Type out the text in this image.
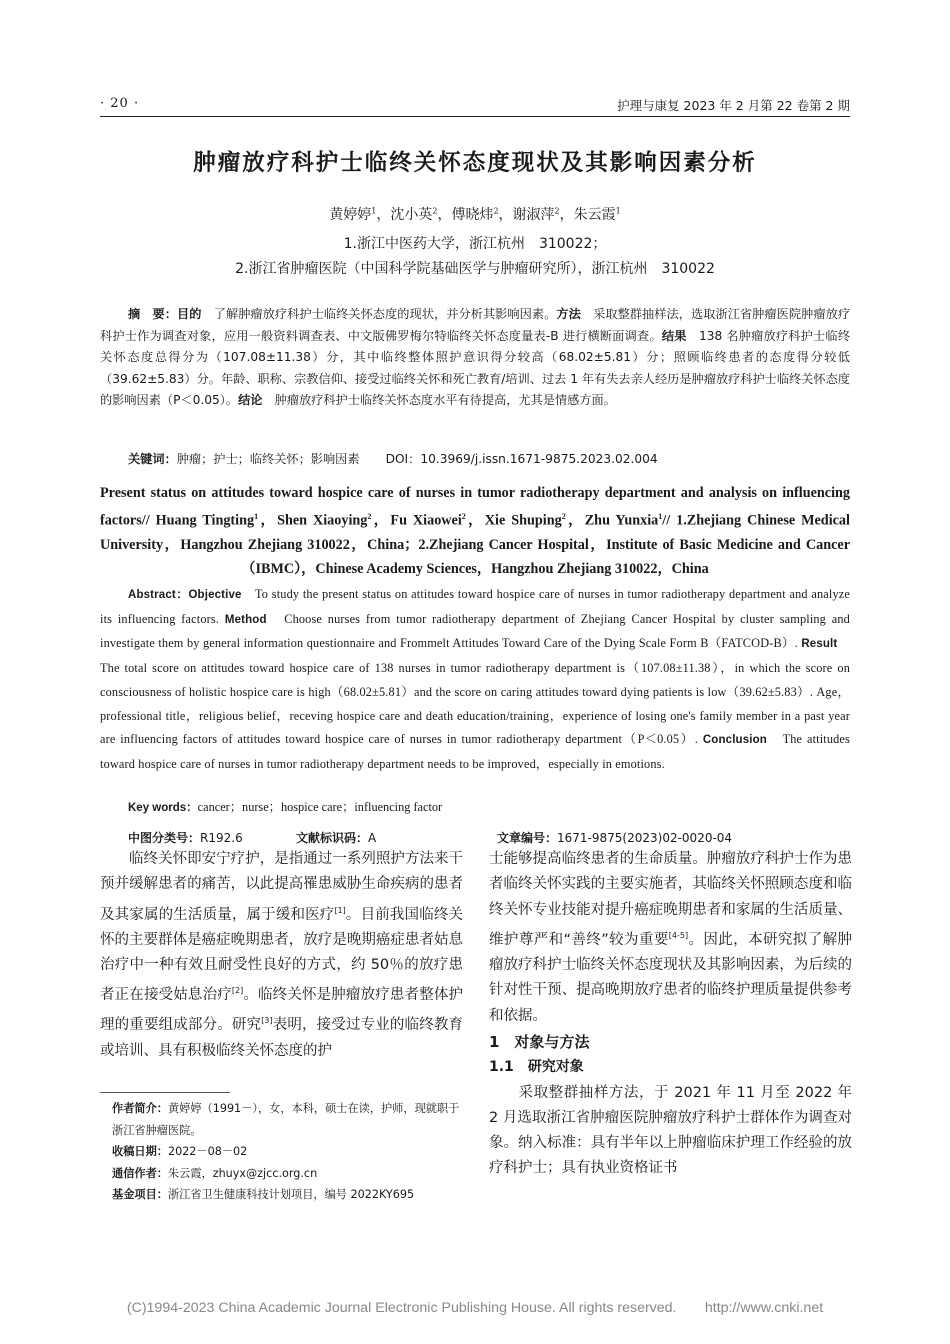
· 20 ·	护理与康复 2023 年 2 月第 22 卷第 2 期
肿瘤放疗科护士临终关怀态度现状及其影响因素分析
黄婷婷$^1$，沈小英$^2$，傅晓炜$^2$，谢淑萍$^2$，朱云霞$^1$
1.浙江中医药大学，浙江杭州　310022；
2.浙江省肿瘤医院（中国科学院基础医学与肿瘤研究所），浙江杭州　310022
摘　要：目的　了解肿瘤放疗科护士临终关怀态度的现状，并分析其影响因素。方法　采取整群抽样法，选取浙江省肿瘤医院肿瘤放疗科护士作为调查对象，应用一般资料调查表、中文版佛罗梅尔特临终关怀态度量表-B 进行横断面调查。结果　138 名肿瘤放疗科护士临终关怀态度总得分为（107.08±11.38）分，其中临终整体照护意识得分较高（68.02±5.81）分；照顾临终患者的态度得分较低（39.62±5.83）分。年龄、职称、宗教信仰、接受过临终关怀和死亡教育/培训、过去 1 年有失去亲人经历是肿瘤放疗科护士临终关怀态度的影响因素（P＜0.05）。结论　肿瘤放疗科护士临终关怀态度水平有待提高，尤其是情感方面。
关键词：肿瘤；护士；临终关怀；影响因素 DOI：10.3969/j.issn.1671-9875.2023.02.004
Present status on attitudes toward hospice care of nurses in tumor radiotherapy department and analysis on influencing factors// Huang Tingting$^1$，Shen Xiaoying$^2$，Fu Xiaowei$^2$，Xie Shuping$^2$，Zhu Yunxia$^1$// 1.Zhejiang Chinese Medical University，Hangzhou Zhejiang 310022，China；2.Zhejiang Cancer Hospital，Institute of Basic Medicine and Cancer（IBMC），Chinese Academy Sciences，Hangzhou Zhejiang 310022，China
Abstract：Objective　To study the present status on attitudes toward hospice care of nurses in tumor radiotherapy department and analyze its influencing factors. Method　Choose nurses from tumor radiotherapy department of Zhejiang Cancer Hospital by cluster sampling and investigate them by general information questionnaire and Frommelt Attitudes Toward Care of the Dying Scale Form B（FATCOD-B）. Result　The total score on attitudes toward hospice care of 138 nurses in tumor radiotherapy department is（107.08±11.38），in which the score on consciousness of holistic hospice care is high（68.02±5.81）and the score on caring attitudes toward dying patients is low（39.62±5.83）. Age，professional title，religious belief，receving hospice care and death education/training，experience of losing one's family member in a past year are influencing factors of attitudes toward hospice care of nurses in tumor radiotherapy department（P＜0.05）. Conclusion　The attitudes toward hospice care of nurses in tumor radiotherapy department needs to be improved，especially in emotions.
Key words：cancer；nurse；hospice care；influencing factor
中图分类号：R192.6	文献标识码：A	文章编号：1671-9875(2023)02-0020-04
临终关怀即安宁疗护，是指通过一系列照护方法来干预并缓解患者的痛苦，以此提高罹患威胁生命疾病的患者及其家属的生活质量，属于缓和医疗[1]。目前我国临终关怀的主要群体是癌症晚期患者，放疗是晚期癌症患者姑息治疗中一种有效且耐受性良好的方式，约 50％的放疗患者正在接受姑息治疗[2]。临终关怀是肿瘤放疗患者整体护理的重要组成部分。研究[3]表明，接受过专业的临终教育或培训、具有积极临终关怀态度的护
作者简介：黄婷婷（1991－），女，本科，硕士在读，护师，现就职于浙江省肿瘤医院。
收稿日期：2022－08－02
通信作者：朱云霞，zhuyx@zjcc.org.cn
基金项目：浙江省卫生健康科技计划项目，编号 2022KY695
士能够提高临终患者的生命质量。肿瘤放疗科护士作为患者临终关怀实践的主要实施者，其临终关怀照顾态度和临终关怀专业技能对提升癌症晚期患者和家属的生活质量、维护尊严和“善终”较为重要[4-5]。因此，本研究拟了解肿瘤放疗科护士临终关怀态度现状及其影响因素，为后续的针对性干预、提高晚期放疗患者的临终护理质量提供参考和依据。
1　对象与方法
1.1　研究对象
采取整群抽样方法，于 2021 年 11 月至 2022 年 2 月选取浙江省肿瘤医院肿瘤放疗科护士群体作为调查对象。纳入标准：具有半年以上肿瘤临床护理工作经验的放疗科护士；具有执业资格证书
(C)1994-2023 China Academic Journal Electronic Publishing House. All rights reserved.　　http://www.cnki.net
